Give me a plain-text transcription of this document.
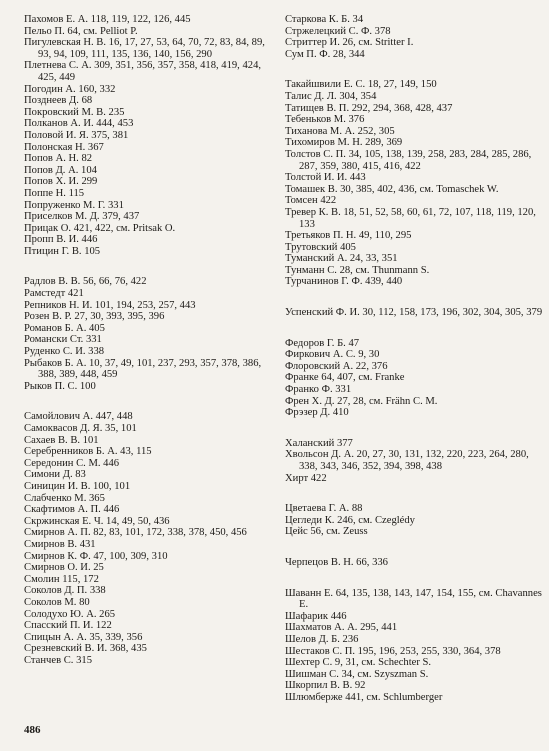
Пахомов Е. А. 118, 119, 122, 126, 445
Пельо П. 64, см. Pelliot P.
Пигулевская Н. В. 16, 17, 27, 53, 64, 70, 72, 83, 84, 89, 93, 94, 109, 111, 135, 136, 140, 156, 290
Плетнева С. А. 309, 351, 356, 357, 358, 418, 419, 424, 425, 449
Погодин А. 160, 332
Позднеев Д. 68
Покровский М. В. 235
Полканов А. И. 444, 453
Половой И. Я. 375, 381
Полонская Н. 367
Попов А. Н. 82
Попов Д. А. 104
Попов Х. И. 299
Поппе Н. 115
Попруженко М. Г. 331
Приселков М. Д. 379, 437
Прицак О. 421, 422, см. Pritsak O.
Пропп В. И. 446
Птицин Г. В. 105
Радлов В. В. 56, 66, 76, 422
Рамстедт 421
Репников Н. И. 101, 194, 253, 257, 443
Розен В. Р. 27, 30, 393, 395, 396
Романов Б. А. 405
Романски Ст. 331
Руденко С. И. 338
Рыбаков Б. А. 10, 37, 49, 101, 237, 293, 357, 378, 386, 388, 389, 448, 459
Рыков П. С. 100
Самойлович А. 447, 448
Самоквасов Д. Я. 35, 101
Сахаев В. В. 101
Серебренников Б. А. 43, 115
Середонин С. М. 446
Симони Д. 83
Синицин И. В. 100, 101
Слабченко М. 365
Скафтимов А. П. 446
Скржинская Е. Ч. 14, 49, 50, 436
Смирнов А. П. 82, 83, 101, 172, 338, 378, 450, 456
Смирнов В. 431
Смирнов К. Ф. 47, 100, 309, 310
Смирнов О. И. 25
Смолин 115, 172
Соколов Д. П. 338
Соколов М. 80
Солодухо Ю. А. 265
Спасский П. И. 122
Спицын А. А. 35, 339, 356
Срезневский В. И. 368, 435
Станчев С. 315
Старкова К. Б. 34
Стржелецкий С. Ф. 378
Стриттер И. 26, см. Stritter I.
Сум П. Ф. 28, 344
Такайшвили Е. С. 18, 27, 149, 150
Талис Д. Л. 304, 354
Татищев В. П. 292, 294, 368, 428, 437
Тебеньков М. 376
Тиханова М. А. 252, 305
Тихомиров М. Н. 289, 369
Толстов С. П. 34, 105, 138, 139, 258, 283, 284, 285, 286, 287, 359, 380, 415, 416, 422
Толстой И. И. 443
Томашек В. 30, 385, 402, 436, см. Tomaschek W.
Томсен 422
Тревер К. В. 18, 51, 52, 58, 60, 61, 72, 107, 118, 119, 120, 133
Третьяков П. Н. 49, 110, 295
Трутовский 405
Туманский А. 24, 33, 351
Тунманн С. 28, см. Thunmann S.
Турчанинов Г. Ф. 439, 440
Успенский Ф. И. 30, 112, 158, 173, 196, 302, 304, 305, 379
Федоров Г. Б. 47
Фиркович А. С. 9, 30
Флоровский А. 22, 376
Франке 64, 407, см. Franke
Франко Ф. 331
Френ Х. Д. 27, 28, см. Frähn C. M.
Фрэзер Д. 410
Халанский 377
Хвольсон Д. А. 20, 27, 30, 131, 132, 220, 223, 264, 280, 338, 343, 346, 352, 394, 398, 438
Хирт 422
Цветаева Г. А. 88
Цегледи К. 246, см. Czeglédy
Цейс 56, см. Zeuss
Черпецов В. Н. 66, 336
Шаванн Е. 64, 135, 138, 143, 147, 154, 155, см. Chavannes E.
Шафарик 446
Шахматов А. А. 295, 441
Шелов Д. Б. 236
Шестаков С. П. 195, 196, 253, 255, 330, 364, 378
Шехтер С. 9, 31, см. Schechter S.
Шишман С. 34, см. Szyszman S.
Шкорпил В. В. 92
Шлюмберже 441, см. Schlumberger
486
